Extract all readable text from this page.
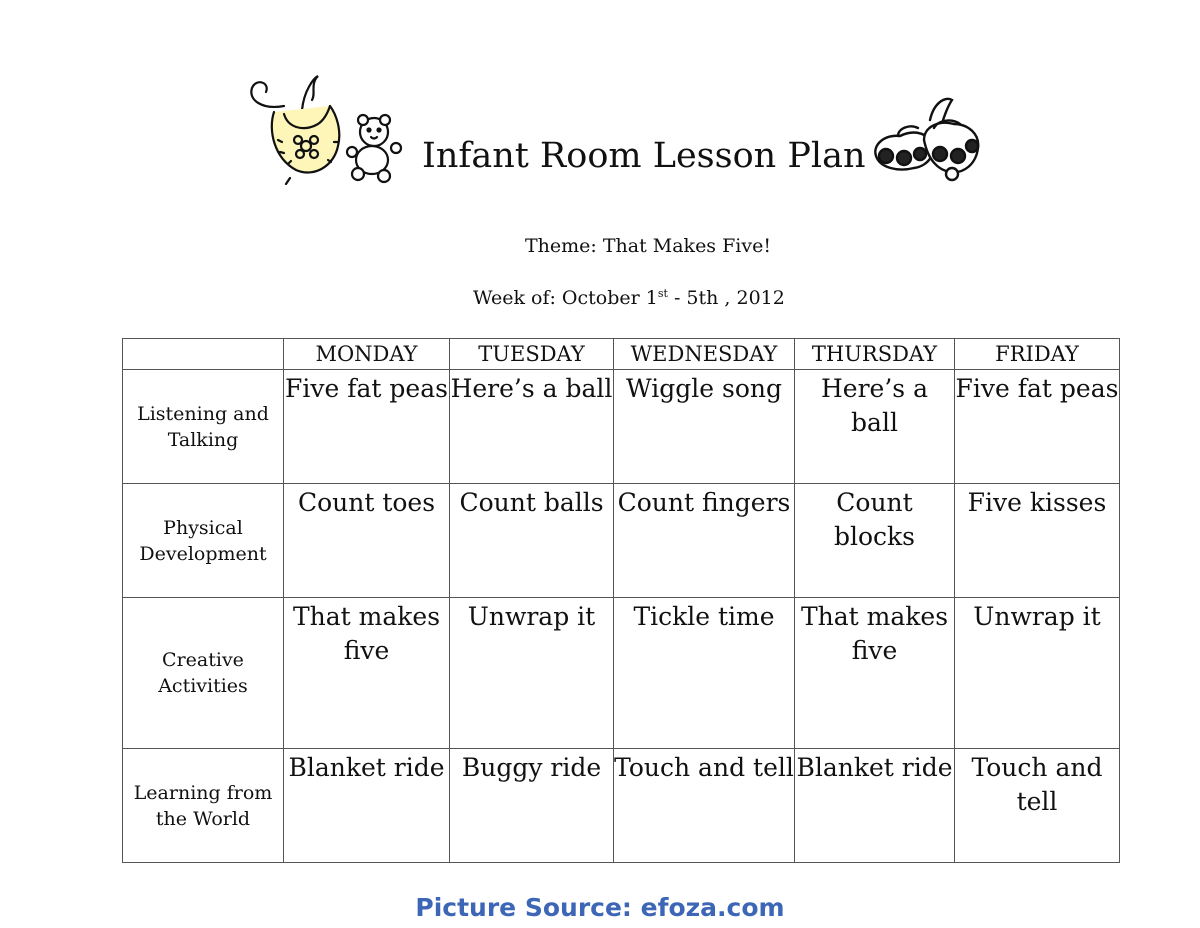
Infant Room Lesson Plan
Theme: That Makes Five!
Week of: October 1st - 5th , 2012
	MONDAY	TUESDAY	WEDNESDAY	THURSDAY	FRIDAY
Listening and Talking	Five fat peas	Here’s a ball	Wiggle song	Here’s a ball	Five fat peas
Physical Development	Count toes	Count balls	Count fingers	Count blocks	Five kisses
Creative Activities	That makes five	Unwrap it	Tickle time	That makes five	Unwrap it
Learning from the World	Blanket ride	Buggy ride	Touch and tell	Blanket ride	Touch and tell
Picture Source: efoza.com
